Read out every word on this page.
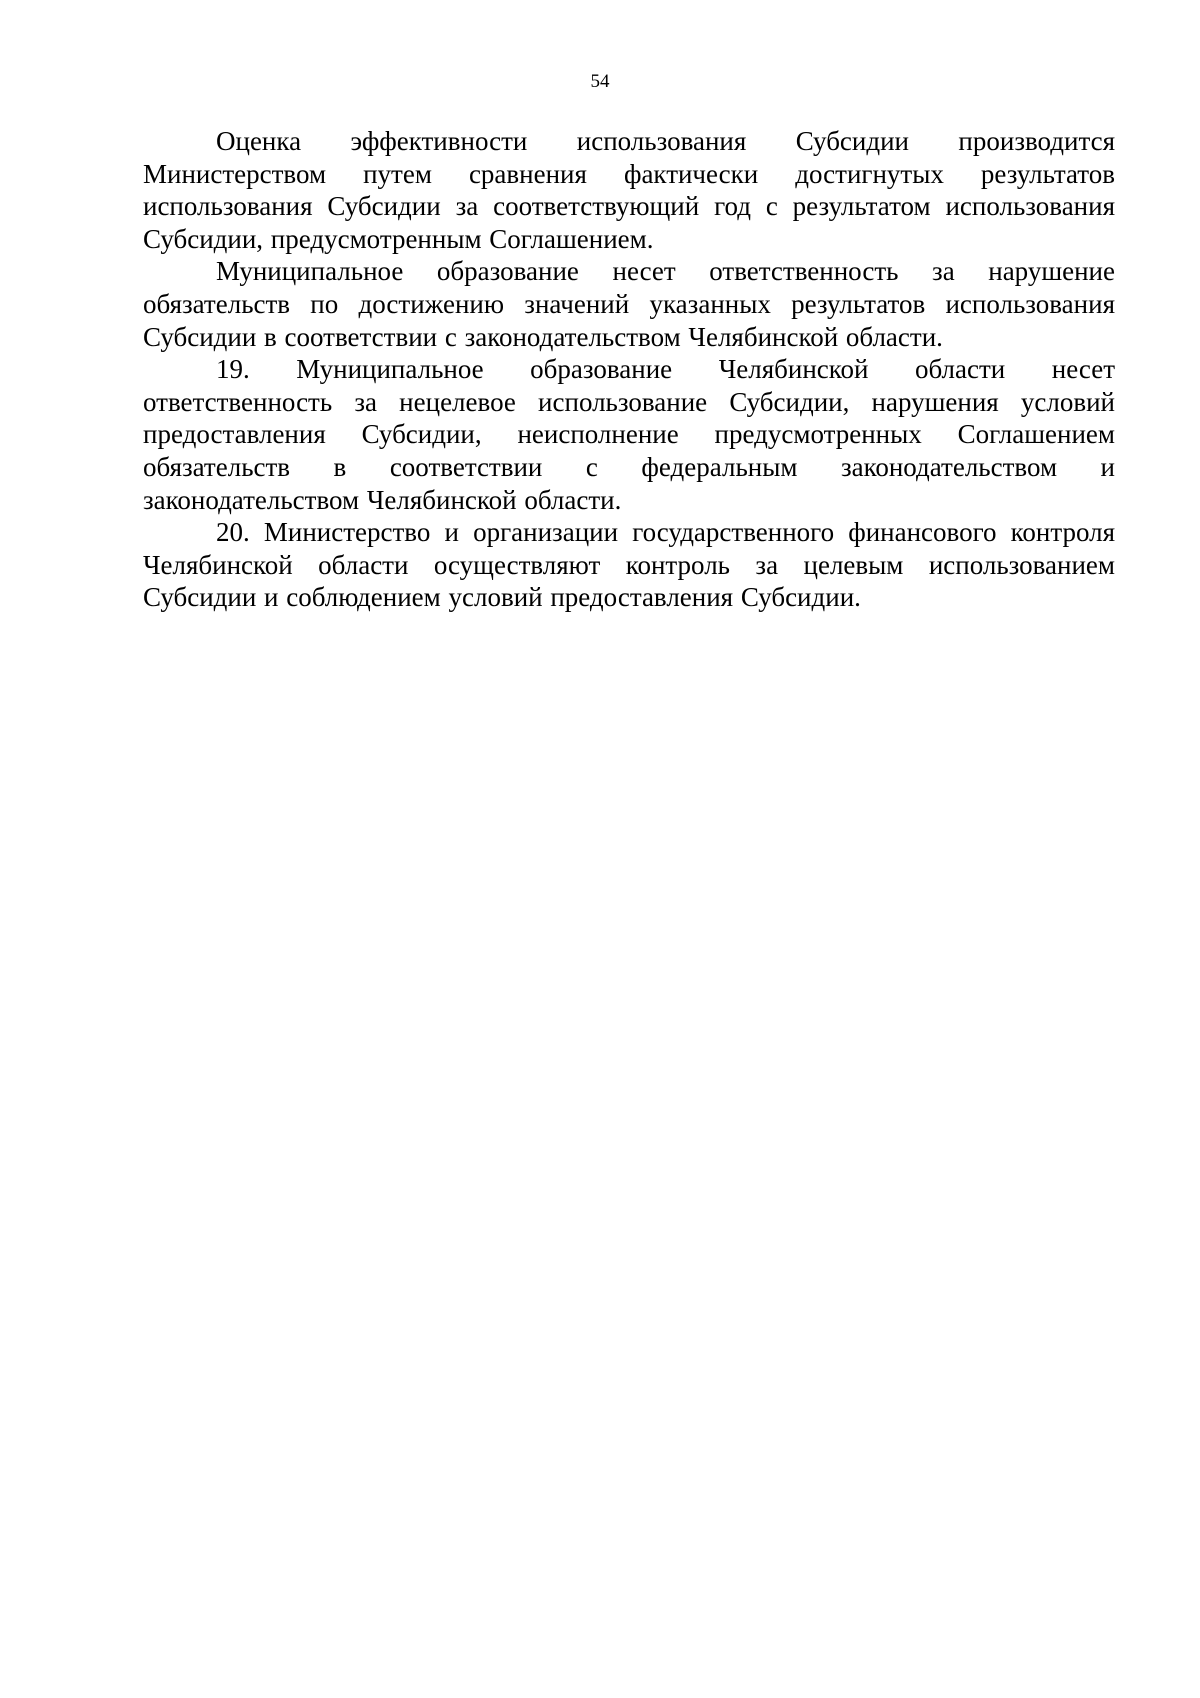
54

Оценка эффективности использования Субсидии производится Министерством путем сравнения фактически достигнутых результатов использования Субсидии за соответствующий год с результатом использования Субсидии, предусмотренным Соглашением.

Муниципальное образование несет ответственность за нарушение обязательств по достижению значений указанных результатов использования Субсидии в соответствии с законодательством Челябинской области.

19. Муниципальное образование Челябинской области несет ответственность за нецелевое использование Субсидии, нарушения условий предоставления Субсидии, неисполнение предусмотренных Соглашением обязательств в соответствии с федеральным законодательством и законодательством Челябинской области.

20. Министерство и организации государственного финансового контроля Челябинской области осуществляют контроль за целевым использованием Субсидии и соблюдением условий предоставления Субсидии.
